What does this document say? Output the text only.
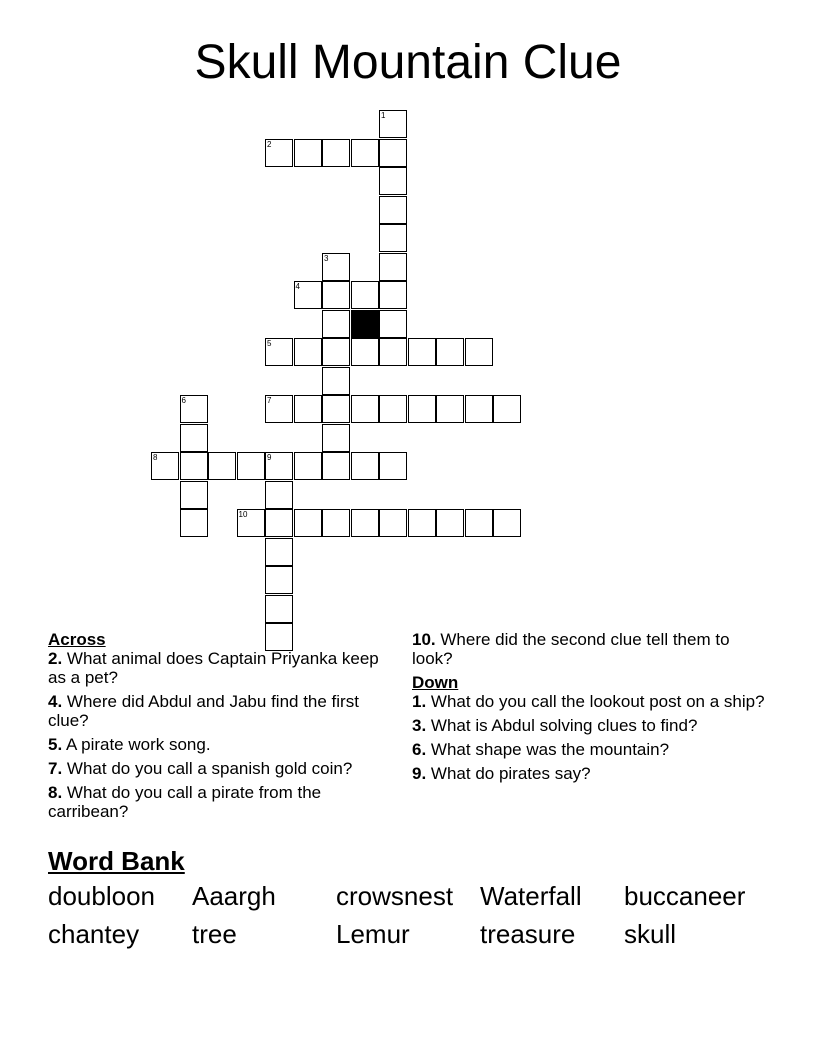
Skull Mountain Clue
1
3
6
9
2
4
5
7
8
10
Across
2. What animal does Captain Priyanka keep as a pet?
4. Where did Abdul and Jabu find the first clue?
5. A pirate work song.
7. What do you call a spanish gold coin?
8. What do you call a pirate from the carribean?
10. Where did the second clue tell them to look?
Down
1. What do you call the lookout post on a ship?
3. What is Abdul solving clues to find?
6. What shape was the mountain?
9. What do pirates say?
Word Bank
doubloon	Aaargh	crowsnest	Waterfall	buccaneer
chantey	tree	Lemur	treasure	skull
